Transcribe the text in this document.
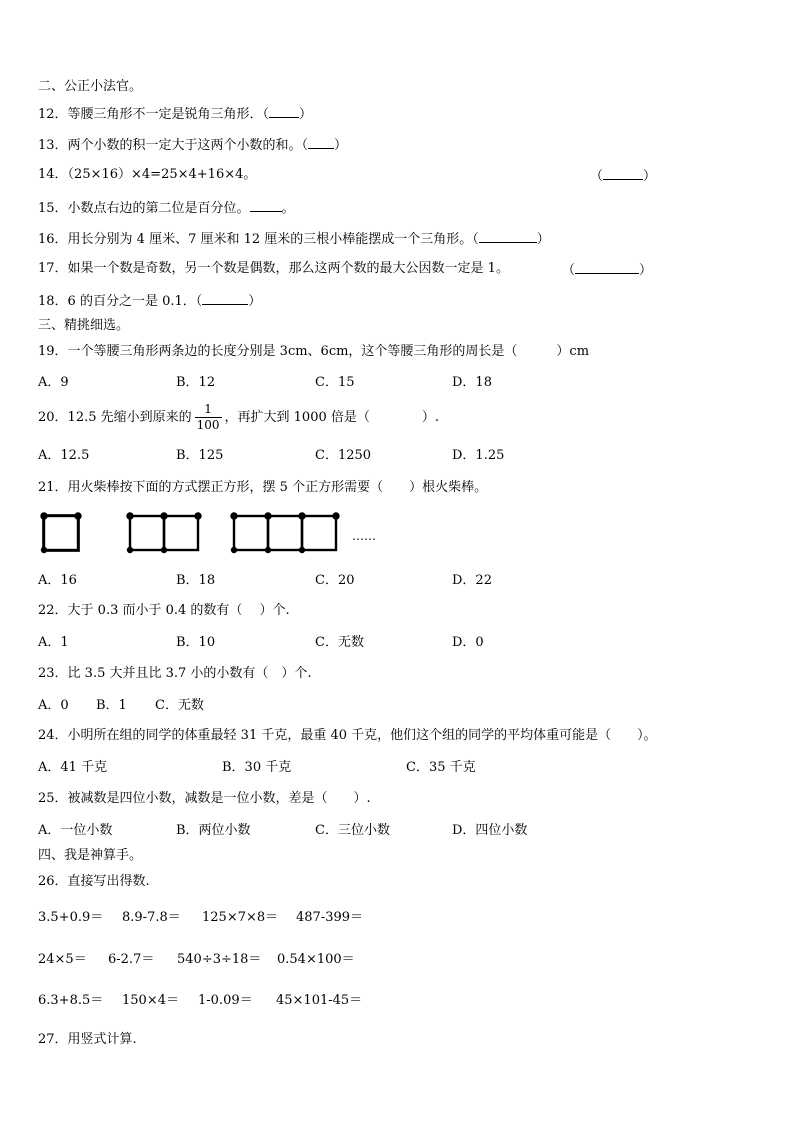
二、公正小法官。
12．等腰三角形不一定是锐角三角形．（ ）
13．两个小数的积一定大于这两个小数的和。（ ）
14．（25×16）×4=25×4+16×4。	（	）
15．小数点右边的第二位是百分位。 。
16．用长分别为 4 厘米、7 厘米和 12 厘米的三根小棒能摆成一个三角形。（	）
17．如果一个数是奇数，另一个数是偶数，那么这两个数的最大公因数一定是 1。	（	）
18．6 的百分之一是 0.1．（	）
三、精挑细选。
19．一个等腰三角形两条边的长度分别是 3cm、6cm，这个等腰三角形的周长是（　　　）cm
A．9	B．12	C．15	D．18
20．12.5 先缩小到原来的 $\frac{1}{100}$ ，再扩大到 1000 倍是（　　　　）.
A．12.5	B．125	C．1250	D．1.25
21．用火柴棒按下面的方式摆正方形，摆 5 个正方形需要（　　）根火柴棒。
……
A．16	B．18	C．20	D．22
22．大于 0.3 而小于 0.4 的数有（　 ）个.
A．1	B．10	C．无数	D．0
23．比 3.5 大并且比 3.7 小的小数有（　）个.
A．0 B．1 C．无数
24．小明所在组的同学的体重最轻 31 千克，最重 40 千克，他们这个组的同学的平均体重可能是（　　）。
A．41 千克	B．30 千克	C．35 千克
25．被减数是四位小数，减数是一位小数，差是（　　）.
A．一位小数	B．两位小数	C．三位小数	D．四位小数
四、我是神算手。
26．直接写出得数.
3.5+0.9＝ 8.9-7.8＝ 125×7×8＝ 487-399＝
24×5＝ 6-2.7＝ 540÷3÷18＝ 0.54×100＝
6.3+8.5＝ 150×4＝ 1-0.09＝ 45×101-45＝
27．用竖式计算.
